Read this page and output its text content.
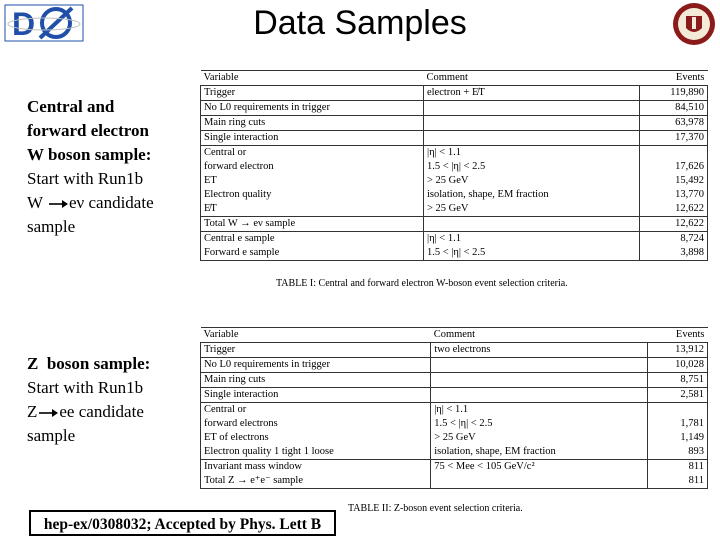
D	Data Samples
Central and
forward electron
W boson sample:
Start with Run1b
W eν candidate
sample
Z  boson sample:
Start with Run1b
Z ee candidate
sample
Variable	Comment	Events
Trigger	electron + E̸T	119,890
No L0 requirements in trigger		84,510
Main ring cuts		63,978
Single interaction		17,370
Central or	|η| < 1.1	
forward electron	1.5 < |η| < 2.5	17,626
ET	> 25 GeV	15,492
Electron quality	isolation, shape, EM fraction	13,770
E̸T	> 25 GeV	12,622
Total W → eν sample		12,622
Central e sample	|η| < 1.1	8,724
Forward e sample	1.5 < |η| < 2.5	3,898
TABLE I: Central and forward electron W-boson event selection criteria.
Variable	Comment	Events
Trigger	two electrons	13,912
No L0 requirements in trigger		10,028
Main ring cuts		8,751
Single interaction		2,581
Central or	|η| < 1.1	
forward electrons	1.5 < |η| < 2.5	1,781
ET of electrons	> 25 GeV	1,149
Electron quality 1 tight 1 loose	isolation, shape, EM fraction	893
Invariant mass window	75 < Mee < 105 GeV/c²	811
Total Z → e⁺e⁻ sample		811
TABLE II: Z-boson event selection criteria.
hep-ex/0308032; Accepted by Phys. Lett B
